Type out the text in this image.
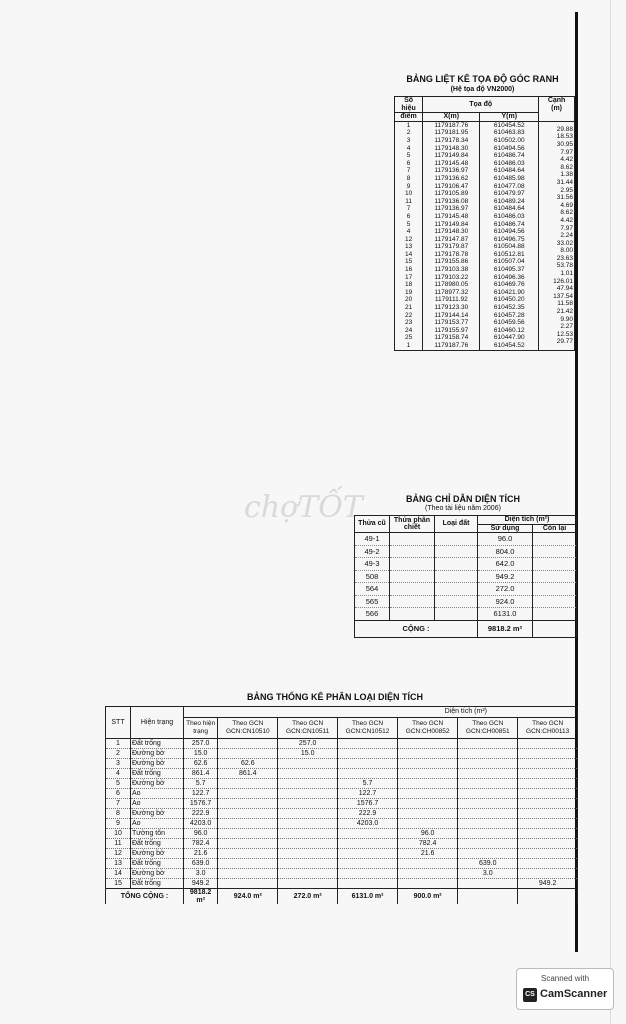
BẢNG LIỆT KÊ TỌA ĐỘ GÓC RANH
(Hệ tọa độ VN2000)
Số hiệu	Tọa độ		Cạnh
(m)

điểm	X(m)	Y(m)	
1	1179187.76	610454.52	29.88
2	1179181.95	610463.83	18.53
3	1179178.34	610502.00	30.95
4	1179148.30	610494.56	7.97
5	1179149.84	610486.74	4.42
6	1179145.48	610486.03	8.62
7	1179136.97	610484.64	1.38
8	1179136.62	610485.98	31.44
9	1179106.47	610477.08	2.95
10	1179105.89	610479.97	31.56
11	1179136.08	610489.24	4.69
7	1179136.97	610484.64	8.62
6	1179145.48	610486.03	4.42
5	1179149.84	610486.74	7.97
4	1179148.30	610494.56	2.24
12	1179147.87	610496.75	33.02
13	1179179.87	610504.88	8.00
14	1179178.78	610512.81	23.63
15	1179155.86	610507.04	53.78
16	1179103.38	610495.37	1.01
17	1179103.22	610496.36	126.01
18	1178980.05	610469.76	47.94
19	1178977.32	610421.90	137.54
20	1179111.92	610450.20	11.58
21	1179123.30	610452.35	21.42
22	1179144.14	610457.28	9.90
23	1179153.77	610459.56	2.27
24	1179155.97	610460.12	12.53
25	1179158.74	610447.90	29.77
1	1179187.76	610454.52	
chợTỐT	BẢNG CHỈ DẪN DIỆN TÍCH
(Theo tài liệu năm 2006)
Thửa cũ	Thửa phân chiết	Loại đất	Diện tích (m²)	
			Sử dụng	Còn lại
49-1			96.0	
49-2			804.0	
49-3			642.0	
508			949.2	
564			272.0	
565			924.0	
566			6131.0	
CỘNG :			9818.2 m²	
BẢNG THỐNG KÊ PHÂN LOẠI DIỆN TÍCH
STT	Hiện trạng	Diện tích (m²)						
		Theo hiện trạng	Theo GCN GCN:CN10510	Theo GCN GCN:CN10511	Theo GCN GCN:CN10512	Theo GCN GCN:CH00852	Theo GCN GCN:CH00851	Theo GCN GCN:CH00113
1	Đất trống	257.0		257.0				
2	Đường bờ	15.0		15.0				
3	Đường bờ	62.6	62.6					
4	Đất trống	861.4	861.4					
5	Đường bờ	5.7			5.7			
6	Ao	122.7			122.7			
7	Ao	1576.7			1576.7			
8	Đường bờ	222.9			222.9			
9	Ao	4203.0			4203.0			
10	Tường tôn	96.0				96.0		
11	Đất trống	782.4				782.4		
12	Đường bờ	21.6				21.6		
13	Đất trống	639.0					639.0	
14	Đường bờ	3.0					3.0	
15	Đất trống	949.2						949.2
TỔNG CỘNG :		9818.2 m²	924.0 m²	272.0 m²	6131.0 m²	900.0 m²		
Scanned with
CS CamScanner
